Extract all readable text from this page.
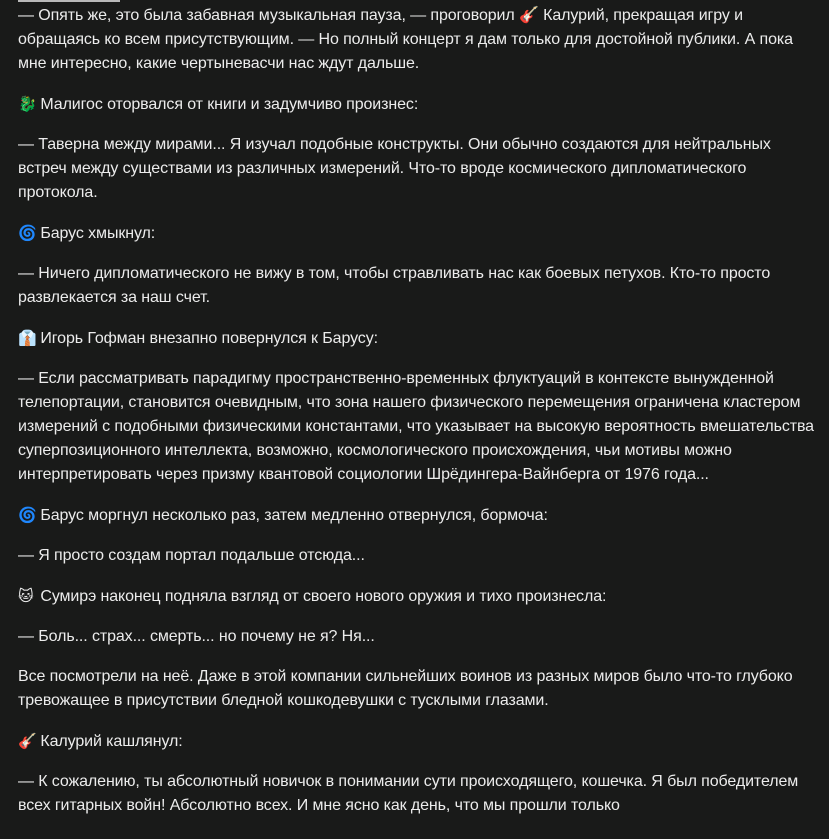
— Опять же, это была забавная музыкальная пауза, — проговорил 🎸 Калурий, прекращая игру и обращаясь ко всем присутствующим. — Но полный концерт я дам только для достойной публики. А пока мне интересно, какие чертыневасчи нас ждут дальше.

🐉 Малигос оторвался от книги и задумчиво произнес:

— Таверна между мирами... Я изучал подобные конструкты. Они обычно создаются для нейтральных встреч между существами из различных измерений. Что-то вроде космического дипломатического протокола.

🌀 Барус хмыкнул:

— Ничего дипломатического не вижу в том, чтобы стравливать нас как боевых петухов. Кто-то просто развлекается за наш счет.

👔 Игорь Гофман внезапно повернулся к Барусу:

— Если рассматривать парадигму пространственно-временных флуктуаций в контексте вынужденной телепортации, становится очевидным, что зона нашего физического перемещения ограничена кластером измерений с подобными физическими константами, что указывает на высокую вероятность вмешательства суперпозиционного интеллекта, возможно, космологического происхождения, чьи мотивы можно интерпретировать через призму квантовой социологии Шрёдингера-Вайнберга от 1976 года...

🌀 Барус моргнул несколько раз, затем медленно отвернулся, бормоча:

— Я просто создам портал подальше отсюда...

🐱 Сумирэ наконец подняла взгляд от своего нового оружия и тихо произнесла:

— Боль... страх... смерть... но почему не я? Ня...

Все посмотрели на неё. Даже в этой компании сильнейших воинов из разных миров было что-то глубоко тревожащее в присутствии бледной кошкодевушки с тусклыми глазами.

🎸 Калурий кашлянул:

— К сожалению, ты абсолютный новичок в понимании сути происходящего, кошечка. Я был победителем всех гитарных войн! Абсолютно всех. И мне ясно как день, что мы прошли только
